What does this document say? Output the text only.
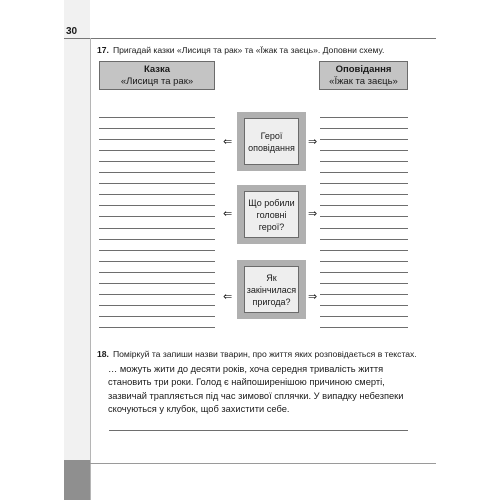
30
17. Пригадай казки «Лисиця та рак» та «Їжак та заєць». Доповни схему.
Казка
«Лисиця та рак»
Оповідання
«Їжак та заєць»
Герої оповідання
Що робили головні герої?
Як закінчилася пригода?
⇐	⇒
⇐	⇒
⇐	⇒
18. Поміркуй та запиши назви тварин, про життя яких розповідається в текстах.
… можуть жити до десяти років, хоча середня тривалість життя становить три роки. Голод є найпоширенішою причиною смерті, зазвичай трапляється під час зимової сплячки. У випадку небезпеки скочуються у клубок, щоб захистити себе.
